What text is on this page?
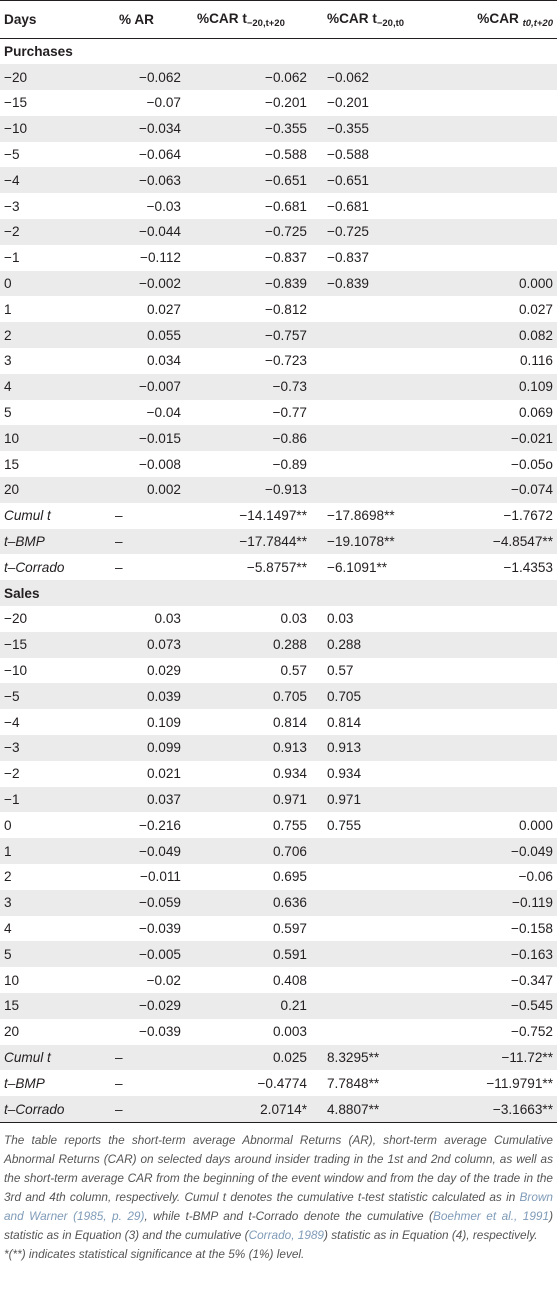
Days	% AR	%CAR $t_{-20,t+20}$	%CAR $t_{-20,t0}$	%CAR $_{t0,t+20}$
Purchases				
−20	−0.062	−0.062	−0.062	
−15	−0.07	−0.201	−0.201	
−10	−0.034	−0.355	−0.355	
−5	−0.064	−0.588	−0.588	
−4	−0.063	−0.651	−0.651	
−3	−0.03	−0.681	−0.681	
−2	−0.044	−0.725	−0.725	
−1	−0.112	−0.837	−0.837	
0	−0.002	−0.839	−0.839	0.000
1	0.027	−0.812		0.027
2	0.055	−0.757		0.082
3	0.034	−0.723		0.116
4	−0.007	−0.73		0.109
5	−0.04	−0.77		0.069
10	−0.015	−0.86		−0.021
15	−0.008	−0.89		−0.05o
20	0.002	−0.913		−0.074
Cumul t	–	−14.1497**	−17.8698**	−1.7672
t–BMP	–	−17.7844**	−19.1078**	−4.8547**
t–Corrado	–	−5.8757**	−6.1091**	−1.4353
Sales				
−20	0.03	0.03	0.03	
−15	0.073	0.288	0.288	
−10	0.029	0.57	0.57	
−5	0.039	0.705	0.705	
−4	0.109	0.814	0.814	
−3	0.099	0.913	0.913	
−2	0.021	0.934	0.934	
−1	0.037	0.971	0.971	
0	−0.216	0.755	0.755	0.000
1	−0.049	0.706		−0.049
2	−0.011	0.695		−0.06
3	−0.059	0.636		−0.119
4	−0.039	0.597		−0.158
5	−0.005	0.591		−0.163
10	−0.02	0.408		−0.347
15	−0.029	0.21		−0.545
20	−0.039	0.003		−0.752
Cumul t	–	0.025	8.3295**	−11.72**
t–BMP	–	−0.4774	7.7848**	−11.9791**
t–Corrado	–	2.0714*	4.8807**	−3.1663**
The table reports the short-term average Abnormal Returns (AR), short-term average Cumulative Abnormal Returns (CAR) on selected days around insider trading in the 1st and 2nd column, as well as the short-term average CAR from the beginning of the event window and from the day of the trade in the 3rd and 4th column, respectively. Cumul t denotes the cumulative t-test statistic calculated as in Brown and Warner (1985, p. 29), while t-BMP and t-Corrado denote the cumulative (Boehmer et al., 1991) statistic as in Equation (3) and the cumulative (Corrado, 1989) statistic as in Equation (4), respectively.
*(**) indicates statistical significance at the 5% (1%) level.
